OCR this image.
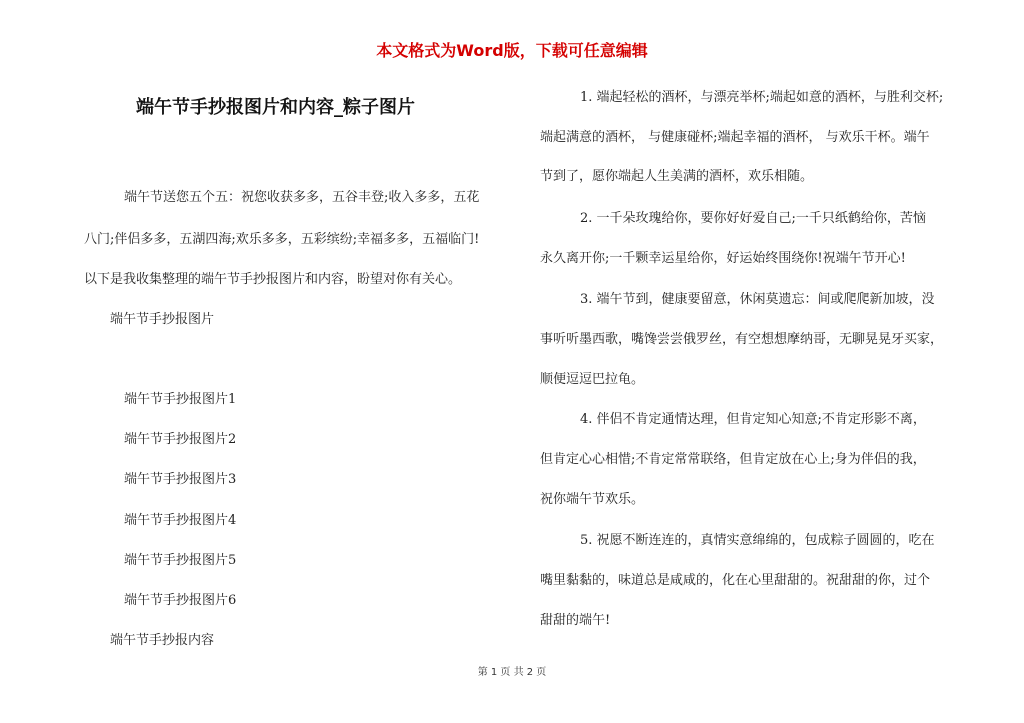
本文格式为Word版，下载可任意编辑
端午节手抄报图片和内容_粽子图片
端午节送您五个五：祝您收获多多，五谷丰登;收入多多，五花
八门;伴侣多多，五湖四海;欢乐多多，五彩缤纷;幸福多多，五福临门!
以下是我收集整理的端午节手抄报图片和内容，盼望对你有关心。
端午节手抄报图片
端午节手抄报图片1
端午节手抄报图片2
端午节手抄报图片3
端午节手抄报图片4
端午节手抄报图片5
端午节手抄报图片6
端午节手抄报内容
1. 端起轻松的酒杯，与漂亮举杯;端起如意的酒杯，与胜利交杯;
端起满意的酒杯， 与健康碰杯;端起幸福的酒杯， 与欢乐干杯。端午
节到了，愿你端起人生美满的酒杯，欢乐相随。
2. 一千朵玫瑰给你，要你好好爱自己;一千只纸鹤给你，苦恼
永久离开你;一千颗幸运星给你，好运始终围绕你!祝端午节开心!
3. 端午节到，健康要留意，休闲莫遗忘：间或爬爬新加坡，没
事听听墨西歌，嘴馋尝尝俄罗丝，有空想想摩纳哥，无聊晃晃牙买家，
顺便逗逗巴拉龟。
4. 伴侣不肯定通情达理，但肯定知心知意;不肯定形影不离，
但肯定心心相惜;不肯定常常联络，但肯定放在心上;身为伴侣的我，
祝你端午节欢乐。
5. 祝愿不断连连的，真情实意绵绵的，包成粽子圆圆的，吃在
嘴里黏黏的，味道总是咸咸的，化在心里甜甜的。祝甜甜的你，过个
甜甜的端午!
第 1 页 共 2 页
